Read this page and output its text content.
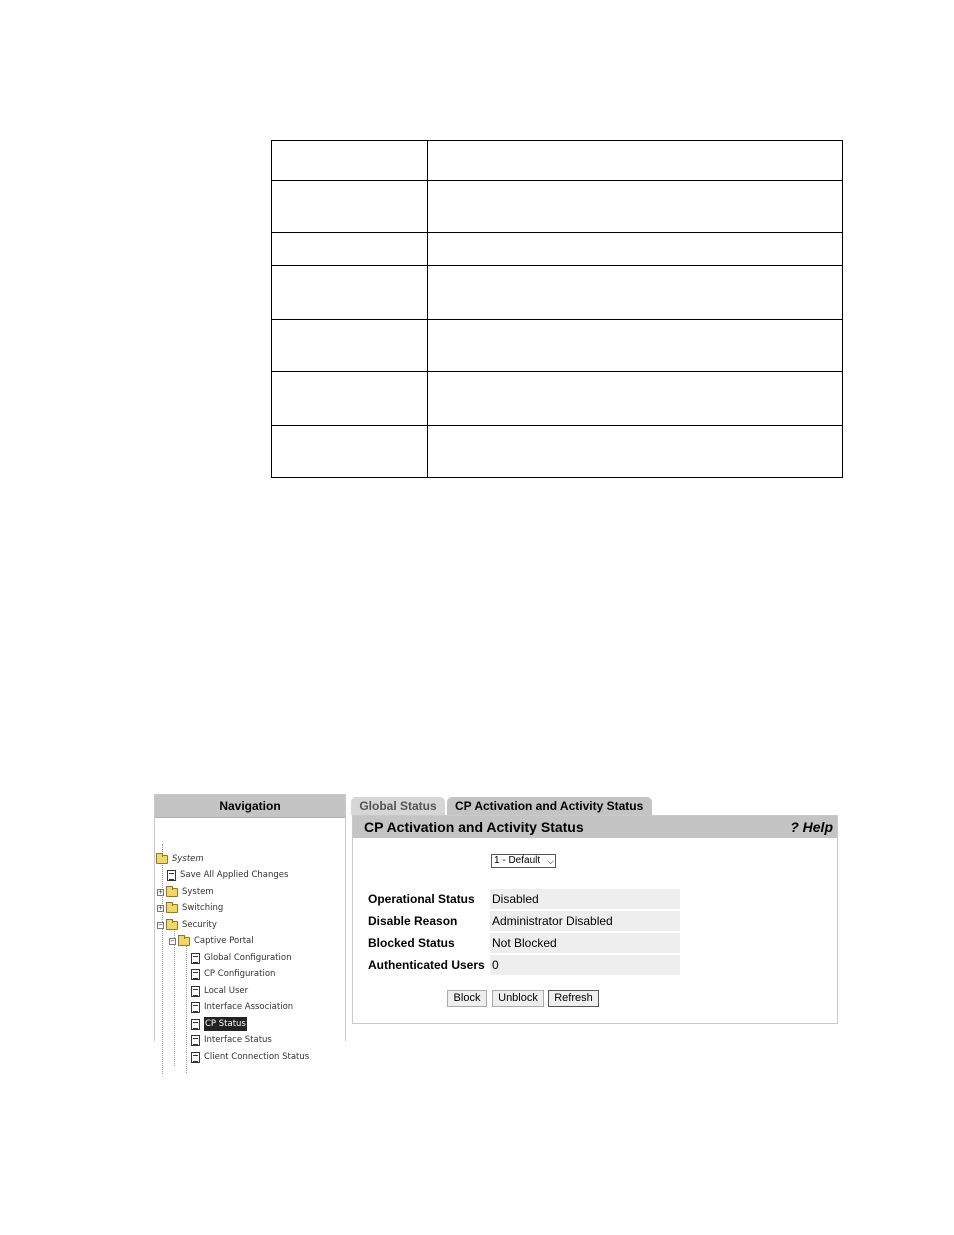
Navigation
System
Save All Applied Changes
+ System
+ Switching
− Security
− Captive Portal
Global Configuration
CP Configuration
Local User
Interface Association
CP Status
Interface Status
Client Connection Status
Global Status	CP Activation and Activity Status
CP Activation and Activity Status	? Help
1 - Default ⌵
Operational Status	Disabled
Disable Reason	Administrator Disabled
Blocked Status	Not Blocked
Authenticated Users	0
Block	Unblock	Refresh
